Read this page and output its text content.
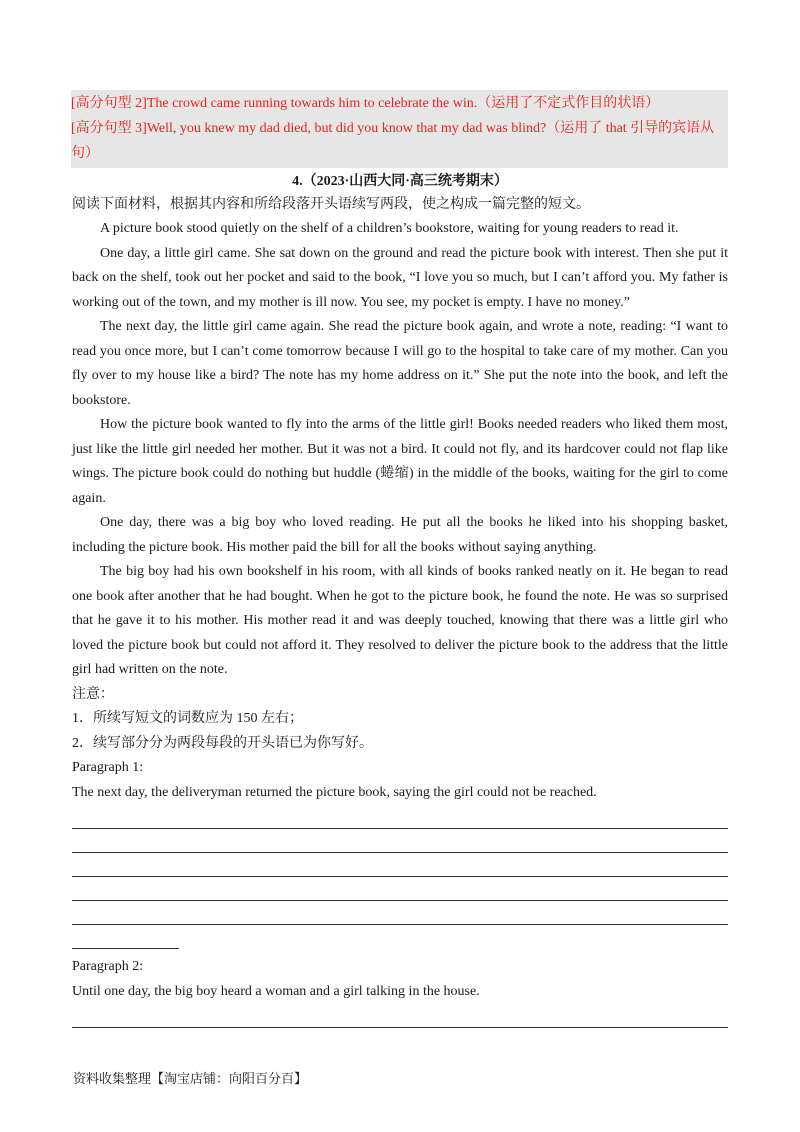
[高分句型 2]The crowd came running towards him to celebrate the win.（运用了不定式作目的状语）

[高分句型 3]Well, you knew my dad died, but did you know that my dad was blind?（运用了 that 引导的宾语从句）

4.（2023·山西大同·高三统考期末）

阅读下面材料，根据其内容和所给段落开头语续写两段，使之构成一篇完整的短文。

A picture book stood quietly on the shelf of a children’s bookstore, waiting for young readers to read it.

One day, a little girl came. She sat down on the ground and read the picture book with interest. Then she put it back on the shelf, took out her pocket and said to the book, “I love you so much, but I can’t afford you. My father is working out of the town, and my mother is ill now. You see, my pocket is empty. I have no money.”

The next day, the little girl came again. She read the picture book again, and wrote a note, reading: “I want to read you once more, but I can’t come tomorrow because I will go to the hospital to take care of my mother. Can you fly over to my house like a bird? The note has my home address on it.” She put the note into the book, and left the bookstore.

How the picture book wanted to fly into the arms of the little girl! Books needed readers who liked them most, just like the little girl needed her mother. But it was not a bird. It could not fly, and its hardcover could not flap like wings. The picture book could do nothing but huddle (蜷缩) in the middle of the books, waiting for the girl to come again.

One day, there was a big boy who loved reading. He put all the books he liked into his shopping basket, including the picture book. His mother paid the bill for all the books without saying anything.

The big boy had his own bookshelf in his room, with all kinds of books ranked neatly on it. He began to read one book after another that he had bought. When he got to the picture book, he found the note. He was so surprised that he gave it to his mother. His mother read it and was deeply touched, knowing that there was a little girl who loved the picture book but could not afford it. They resolved to deliver the picture book to the address that the little girl had written on the note.

注意：

1．所续写短文的词数应为 150 左右；

2．续写部分分为两段每段的开头语已为你写好。

Paragraph 1:

The next day, the deliveryman returned the picture book, saying the girl could not be reached.

Paragraph 2:

Until one day, the big boy heard a woman and a girl talking in the house.

资料收集整理【淘宝店铺：向阳百分百】
